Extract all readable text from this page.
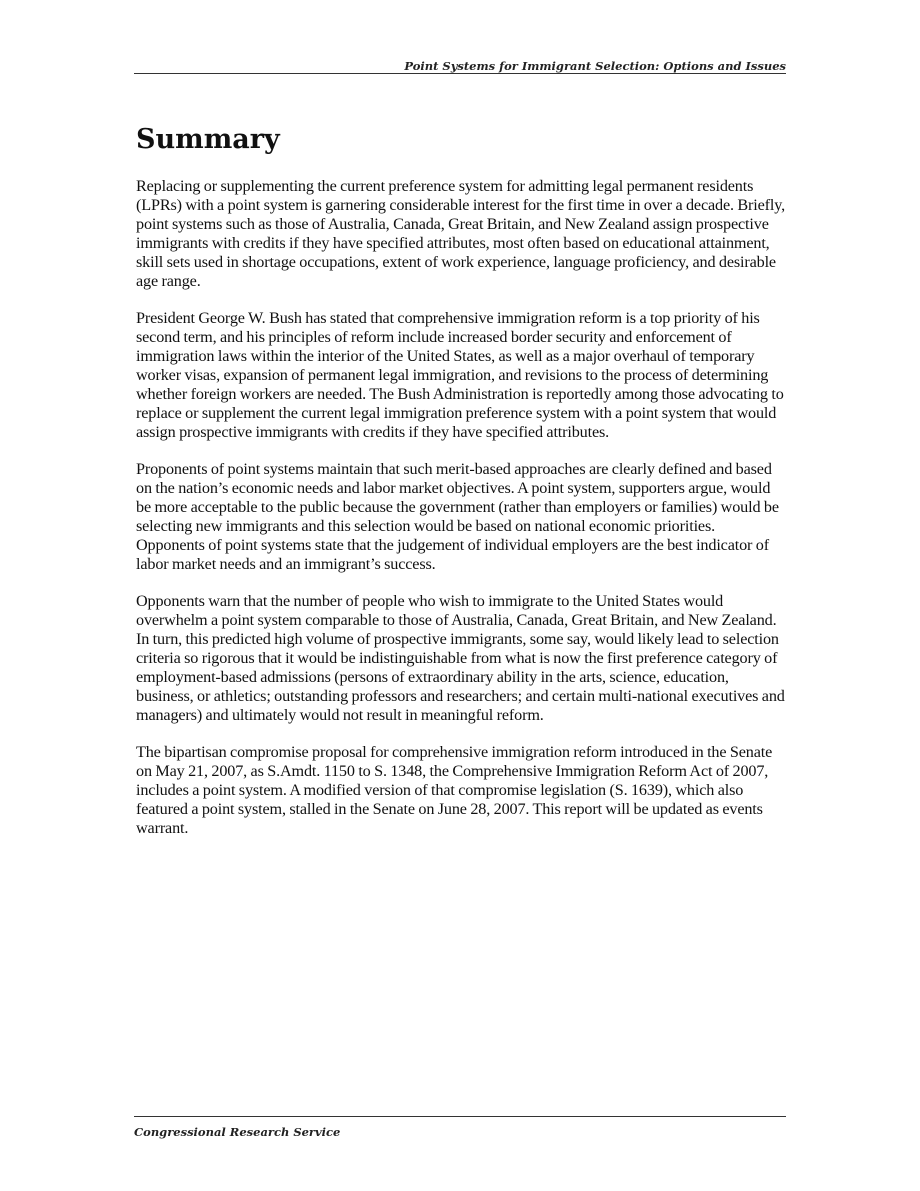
Point Systems for Immigrant Selection: Options and Issues
Summary

Replacing or supplementing the current preference system for admitting legal permanent residents (LPRs) with a point system is garnering considerable interest for the first time in over a decade. Briefly, point systems such as those of Australia, Canada, Great Britain, and New Zealand assign prospective immigrants with credits if they have specified attributes, most often based on educational attainment, skill sets used in shortage occupations, extent of work experience, language proficiency, and desirable age range.

President George W. Bush has stated that comprehensive immigration reform is a top priority of his second term, and his principles of reform include increased border security and enforcement of immigration laws within the interior of the United States, as well as a major overhaul of temporary worker visas, expansion of permanent legal immigration, and revisions to the process of determining whether foreign workers are needed. The Bush Administration is reportedly among those advocating to replace or supplement the current legal immigration preference system with a point system that would assign prospective immigrants with credits if they have specified attributes.

Proponents of point systems maintain that such merit-based approaches are clearly defined and based on the nation’s economic needs and labor market objectives. A point system, supporters argue, would be more acceptable to the public because the government (rather than employers or families) would be selecting new immigrants and this selection would be based on national economic priorities. Opponents of point systems state that the judgement of individual employers are the best indicator of labor market needs and an immigrant’s success.

Opponents warn that the number of people who wish to immigrate to the United States would overwhelm a point system comparable to those of Australia, Canada, Great Britain, and New Zealand. In turn, this predicted high volume of prospective immigrants, some say, would likely lead to selection criteria so rigorous that it would be indistinguishable from what is now the first preference category of employment-based admissions (persons of extraordinary ability in the arts, science, education, business, or athletics; outstanding professors and researchers; and certain multi-national executives and managers) and ultimately would not result in meaningful reform.

The bipartisan compromise proposal for comprehensive immigration reform introduced in the Senate on May 21, 2007, as S.Amdt. 1150 to S. 1348, the Comprehensive Immigration Reform Act of 2007, includes a point system. A modified version of that compromise legislation (S. 1639), which also featured a point system, stalled in the Senate on June 28, 2007. This report will be updated as events warrant.

Congressional Research Service
